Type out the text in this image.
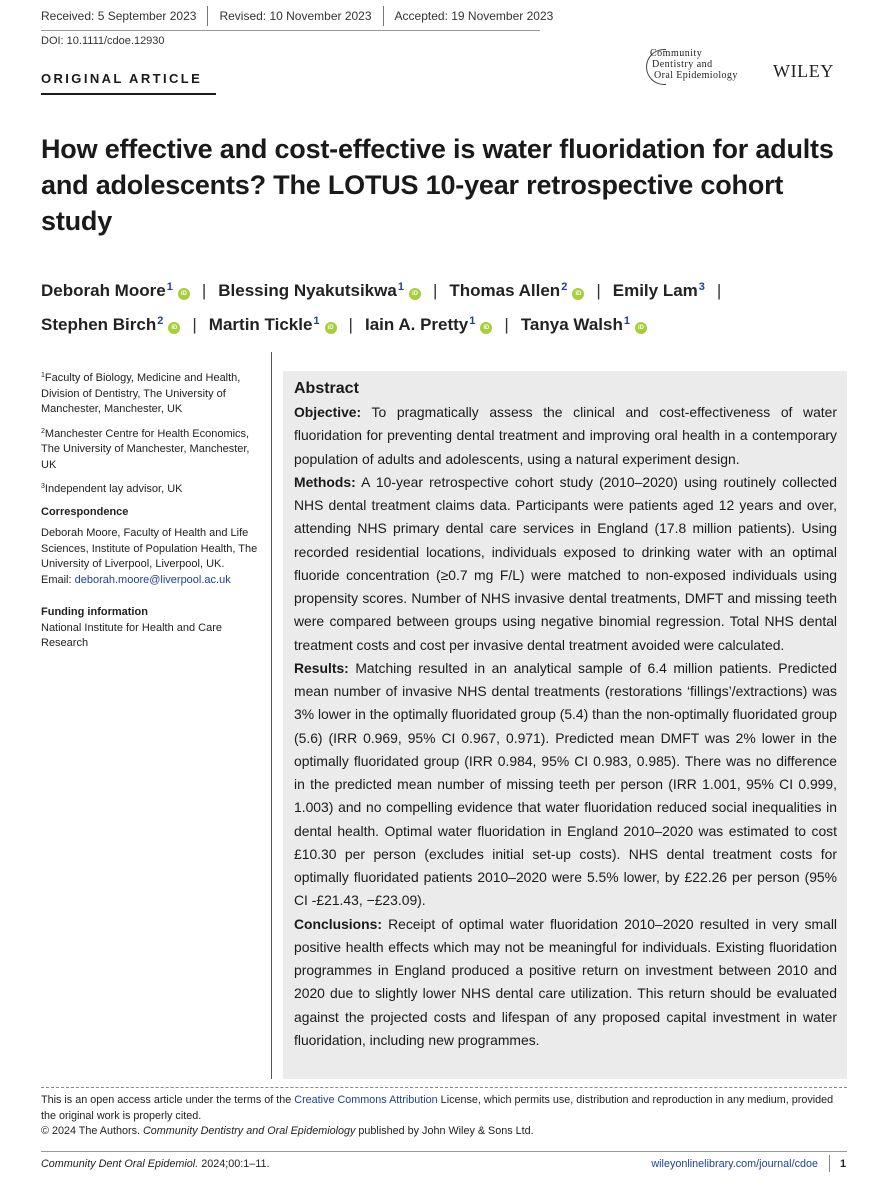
Received: 5 September 2023 Revised: 10 November 2023 Accepted: 19 November 2023
DOI: 10.1111/cdoe.12930
ORIGINAL ARTICLE
Community
Dentistry and
Oral Epidemiology WILEY
How effective and cost-effective is water fluoridation for adults and adolescents? The LOTUS 10-year retrospective cohort study
Deborah Moore$^1$iD | Blessing Nyakutsikwa$^1$iD | Thomas Allen$^2$iD | Emily Lam$^3$ |
Stephen Birch$^2$iD | Martin Tickle$^1$iD | Iain A. Pretty$^1$iD | Tanya Walsh$^1$iD

$^1$Faculty of Biology, Medicine and Health, Division of Dentistry, The University of Manchester, Manchester, UK

$^2$Manchester Centre for Health Economics, The University of Manchester, Manchester, UK

$^3$Independent lay advisor, UK

Correspondence

Deborah Moore, Faculty of Health and Life Sciences, Institute of Population Health, The University of Liverpool, Liverpool, UK.
Email: deborah.moore@liverpool.ac.uk

Funding information

National Institute for Health and Care Research

Abstract

Objective: To pragmatically assess the clinical and cost-effectiveness of water fluoridation for preventing dental treatment and improving oral health in a contemporary population of adults and adolescents, using a natural experiment design.

Methods: A 10-year retrospective cohort study (2010–2020) using routinely collected NHS dental treatment claims data. Participants were patients aged 12 years and over, attending NHS primary dental care services in England (17.8 million patients). Using recorded residential locations, individuals exposed to drinking water with an optimal fluoride concentration (≥0.7 mg F/L) were matched to non-exposed individuals using propensity scores. Number of NHS invasive dental treatments, DMFT and missing teeth were compared between groups using negative binomial regression. Total NHS dental treatment costs and cost per invasive dental treatment avoided were calculated.

Results: Matching resulted in an analytical sample of 6.4 million patients. Predicted mean number of invasive NHS dental treatments (restorations ‘fillings’/extractions) was 3% lower in the optimally fluoridated group (5.4) than the non-optimally fluoridated group (5.6) (IRR 0.969, 95% CI 0.967, 0.971). Predicted mean DMFT was 2% lower in the optimally fluoridated group (IRR 0.984, 95% CI 0.983, 0.985). There was no difference in the predicted mean number of missing teeth per person (IRR 1.001, 95% CI 0.999, 1.003) and no compelling evidence that water fluoridation reduced social inequalities in dental health. Optimal water fluoridation in England 2010–2020 was estimated to cost £10.30 per person (excludes initial set-up costs). NHS dental treatment costs for optimally fluoridated patients 2010–2020 were 5.5% lower, by £22.26 per person (95% CI -£21.43, −£23.09).

Conclusions: Receipt of optimal water fluoridation 2010–2020 resulted in very small positive health effects which may not be meaningful for individuals. Existing fluoridation programmes in England produced a positive return on investment between 2010 and 2020 due to slightly lower NHS dental care utilization. This return should be evaluated against the projected costs and lifespan of any proposed capital investment in water fluoridation, including new programmes.

This is an open access article under the terms of the Creative Commons Attribution License, which permits use, distribution and reproduction in any medium, provided the original work is properly cited.
© 2024 The Authors. Community Dentistry and Oral Epidemiology published by John Wiley & Sons Ltd.
Community Dent Oral Epidemiol. 2024;00:1–11.	wileyonlinelibrary.com/journal/cdoe 1
